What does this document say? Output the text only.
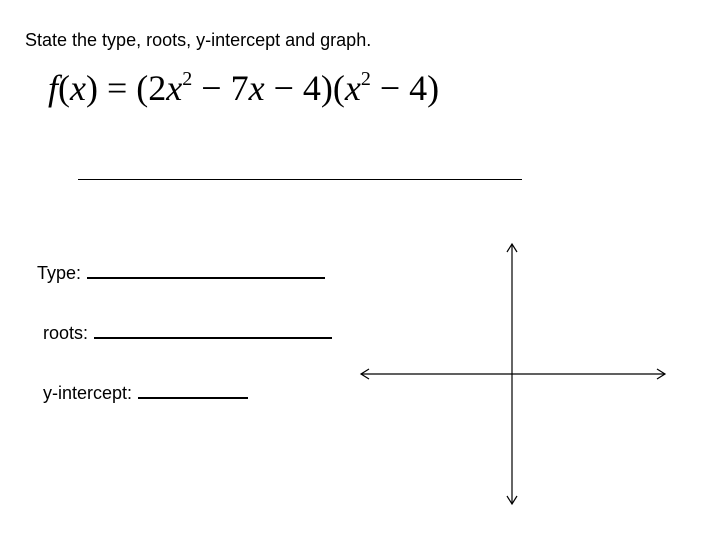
State the type, roots, y-intercept and graph.
$f(x) = (2x^2 - 7x - 4)(x^2 - 4)$
Type:
roots:
y-intercept:
